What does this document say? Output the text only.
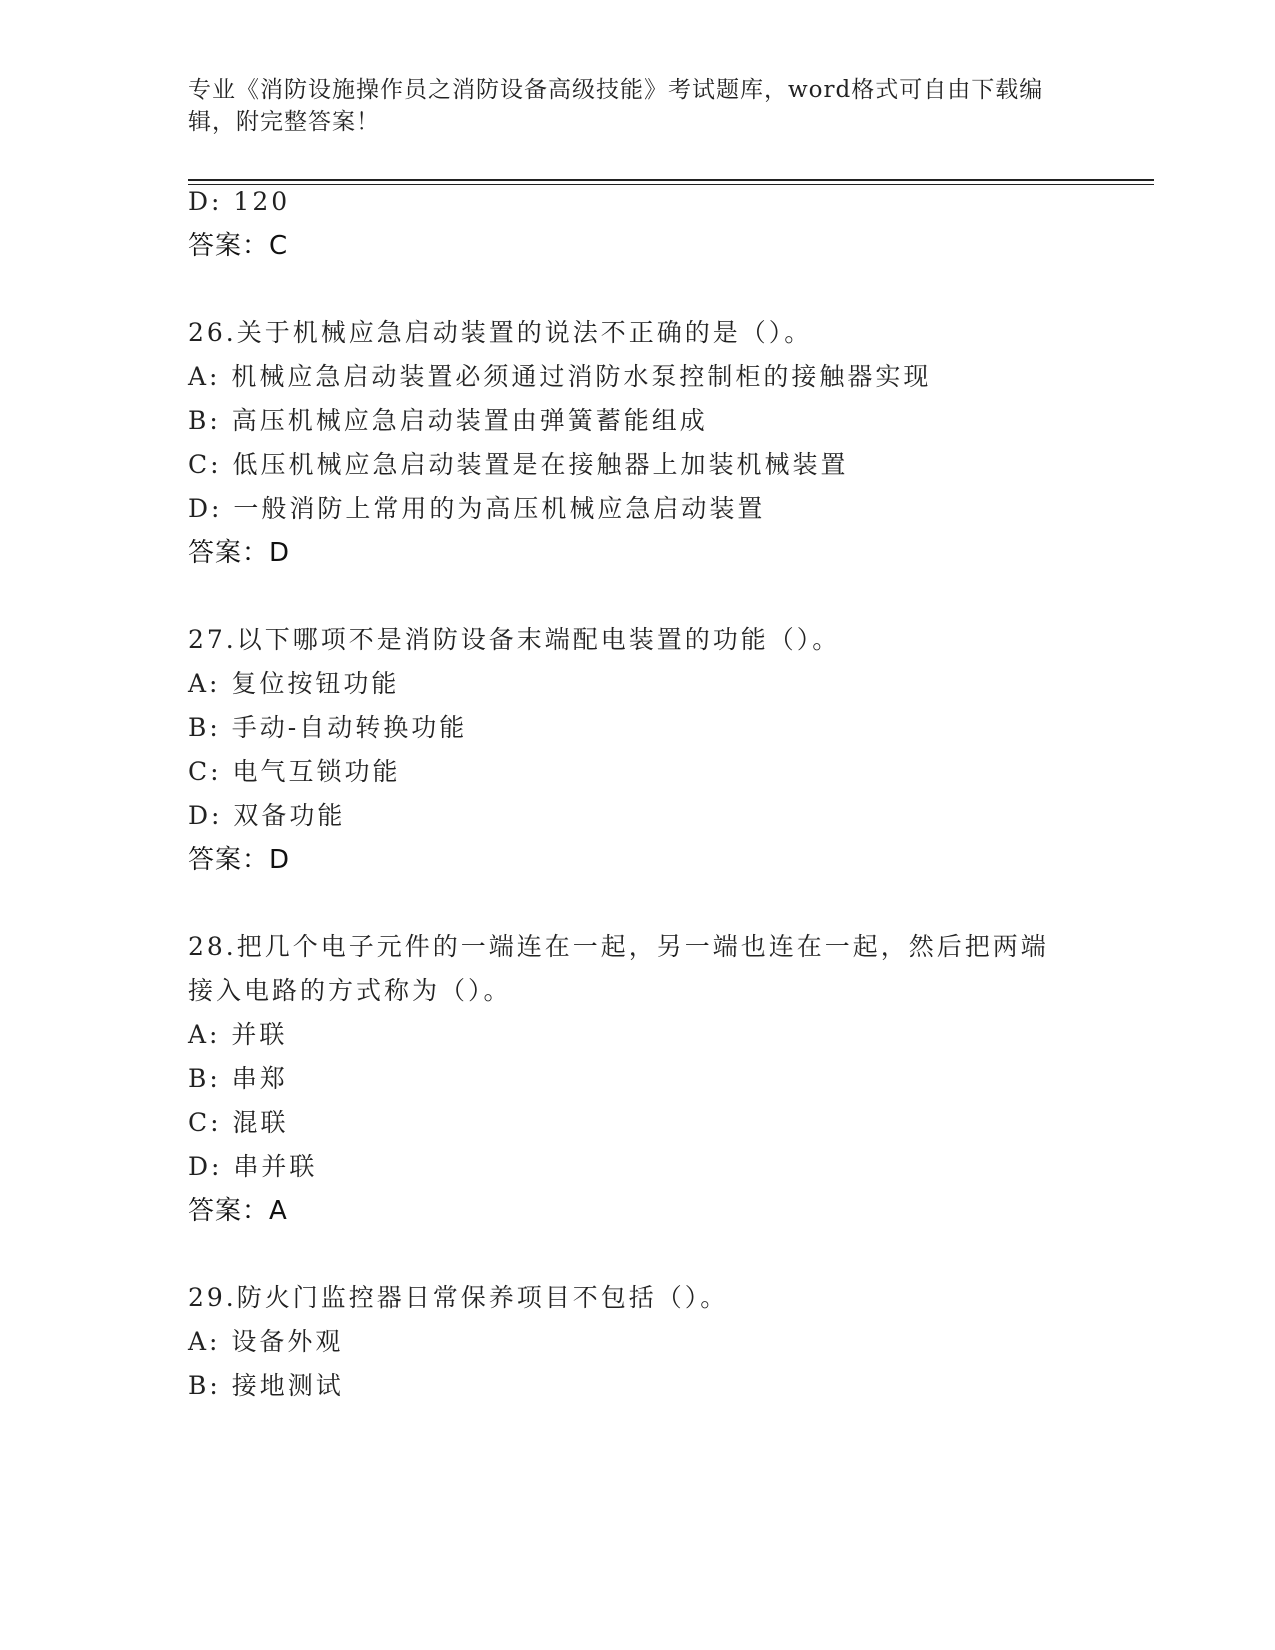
专业《消防设施操作员之消防设备高级技能》考试题库，word格式可自由下载编辑，附完整答案！
D: 120
答案：C
26.关于机械应急启动装置的说法不正确的是（）。
A: 机械应急启动装置必须通过消防水泵控制柜的接触器实现
B: 高压机械应急启动装置由弹簧蓄能组成
C: 低压机械应急启动装置是在接触器上加装机械装置
D: 一般消防上常用的为高压机械应急启动装置
答案：D
27.以下哪项不是消防设备末端配电装置的功能（）。
A: 复位按钮功能
B: 手动-自动转换功能
C: 电气互锁功能
D: 双备功能
答案：D
28.把几个电子元件的一端连在一起，另一端也连在一起，然后把两端
接入电路的方式称为（）。
A: 并联
B: 串郑
C: 混联
D: 串并联
答案：A
29.防火门监控器日常保养项目不包括（）。
A: 设备外观
B: 接地测试
